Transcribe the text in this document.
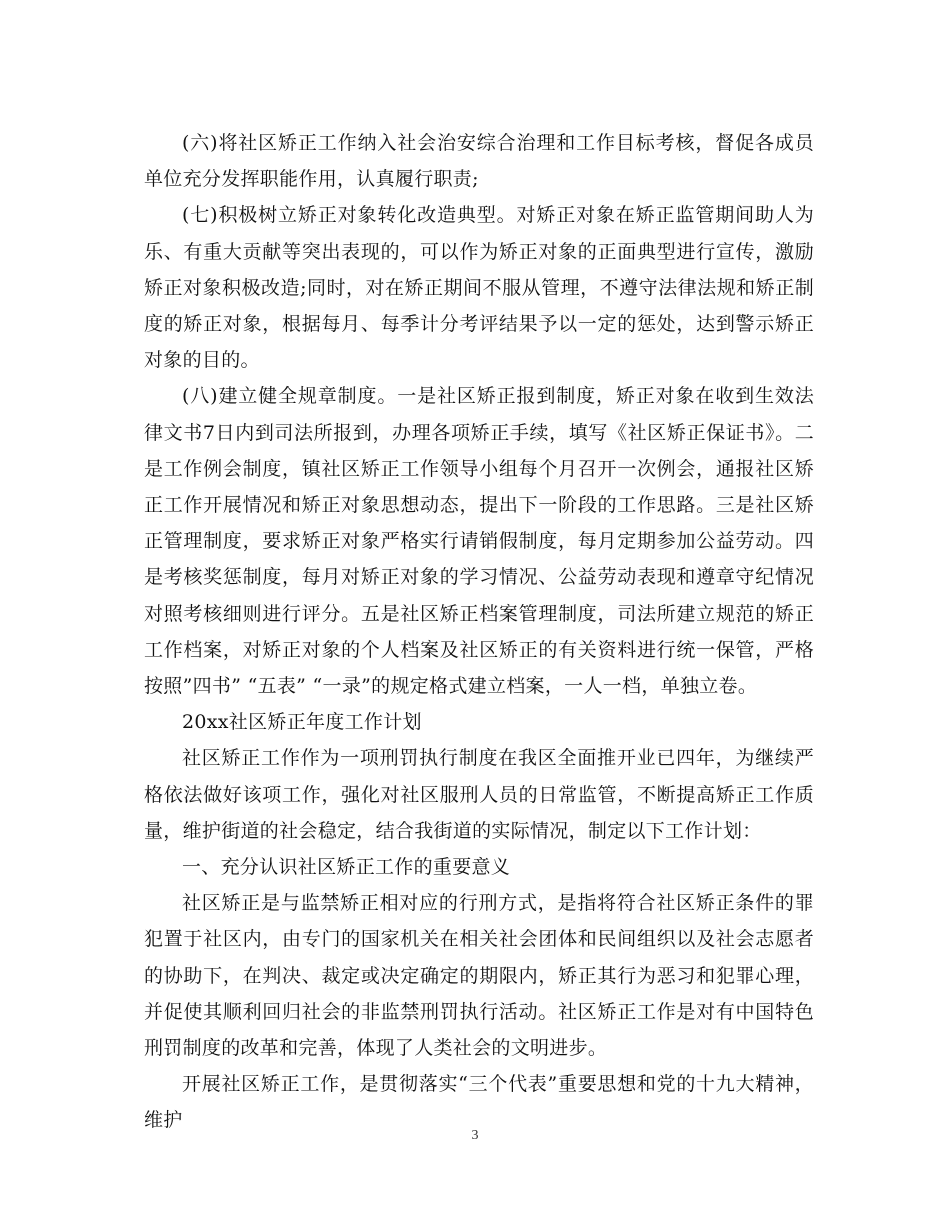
(六)将社区矫正工作纳入社会治安综合治理和工作目标考核，督促各成员单位充分发挥职能作用，认真履行职责;

(七)积极树立矫正对象转化改造典型。对矫正对象在矫正监管期间助人为乐、有重大贡献等突出表现的，可以作为矫正对象的正面典型进行宣传，激励矫正对象积极改造;同时，对在矫正期间不服从管理，不遵守法律法规和矫正制度的矫正对象，根据每月、每季计分考评结果予以一定的惩处，达到警示矫正对象的目的。

(八)建立健全规章制度。一是社区矫正报到制度，矫正对象在收到生效法律文书7日内到司法所报到，办理各项矫正手续，填写《社区矫正保证书》。二是工作例会制度，镇社区矫正工作领导小组每个月召开一次例会，通报社区矫正工作开展情况和矫正对象思想动态，提出下一阶段的工作思路。三是社区矫正管理制度，要求矫正对象严格实行请销假制度，每月定期参加公益劳动。四是考核奖惩制度，每月对矫正对象的学习情况、公益劳动表现和遵章守纪情况对照考核细则进行评分。五是社区矫正档案管理制度，司法所建立规范的矫正工作档案，对矫正对象的个人档案及社区矫正的有关资料进行统一保管，严格按照”四书” “五表” “一录”的规定格式建立档案，一人一档，单独立卷。

20xx社区矫正年度工作计划

社区矫正工作作为一项刑罚执行制度在我区全面推开业已四年，为继续严格依法做好该项工作，强化对社区服刑人员的日常监管，不断提高矫正工作质量，维护街道的社会稳定，结合我街道的实际情况，制定以下工作计划：

一、充分认识社区矫正工作的重要意义

社区矫正是与监禁矫正相对应的行刑方式，是指将符合社区矫正条件的罪犯置于社区内，由专门的国家机关在相关社会团体和民间组织以及社会志愿者的协助下，在判决、裁定或决定确定的期限内，矫正其行为恶习和犯罪心理，并促使其顺利回归社会的非监禁刑罚执行活动。社区矫正工作是对有中国特色刑罚制度的改革和完善，体现了人类社会的文明进步。

开展社区矫正工作，是贯彻落实“三个代表”重要思想和党的十九大精神，维护

3
